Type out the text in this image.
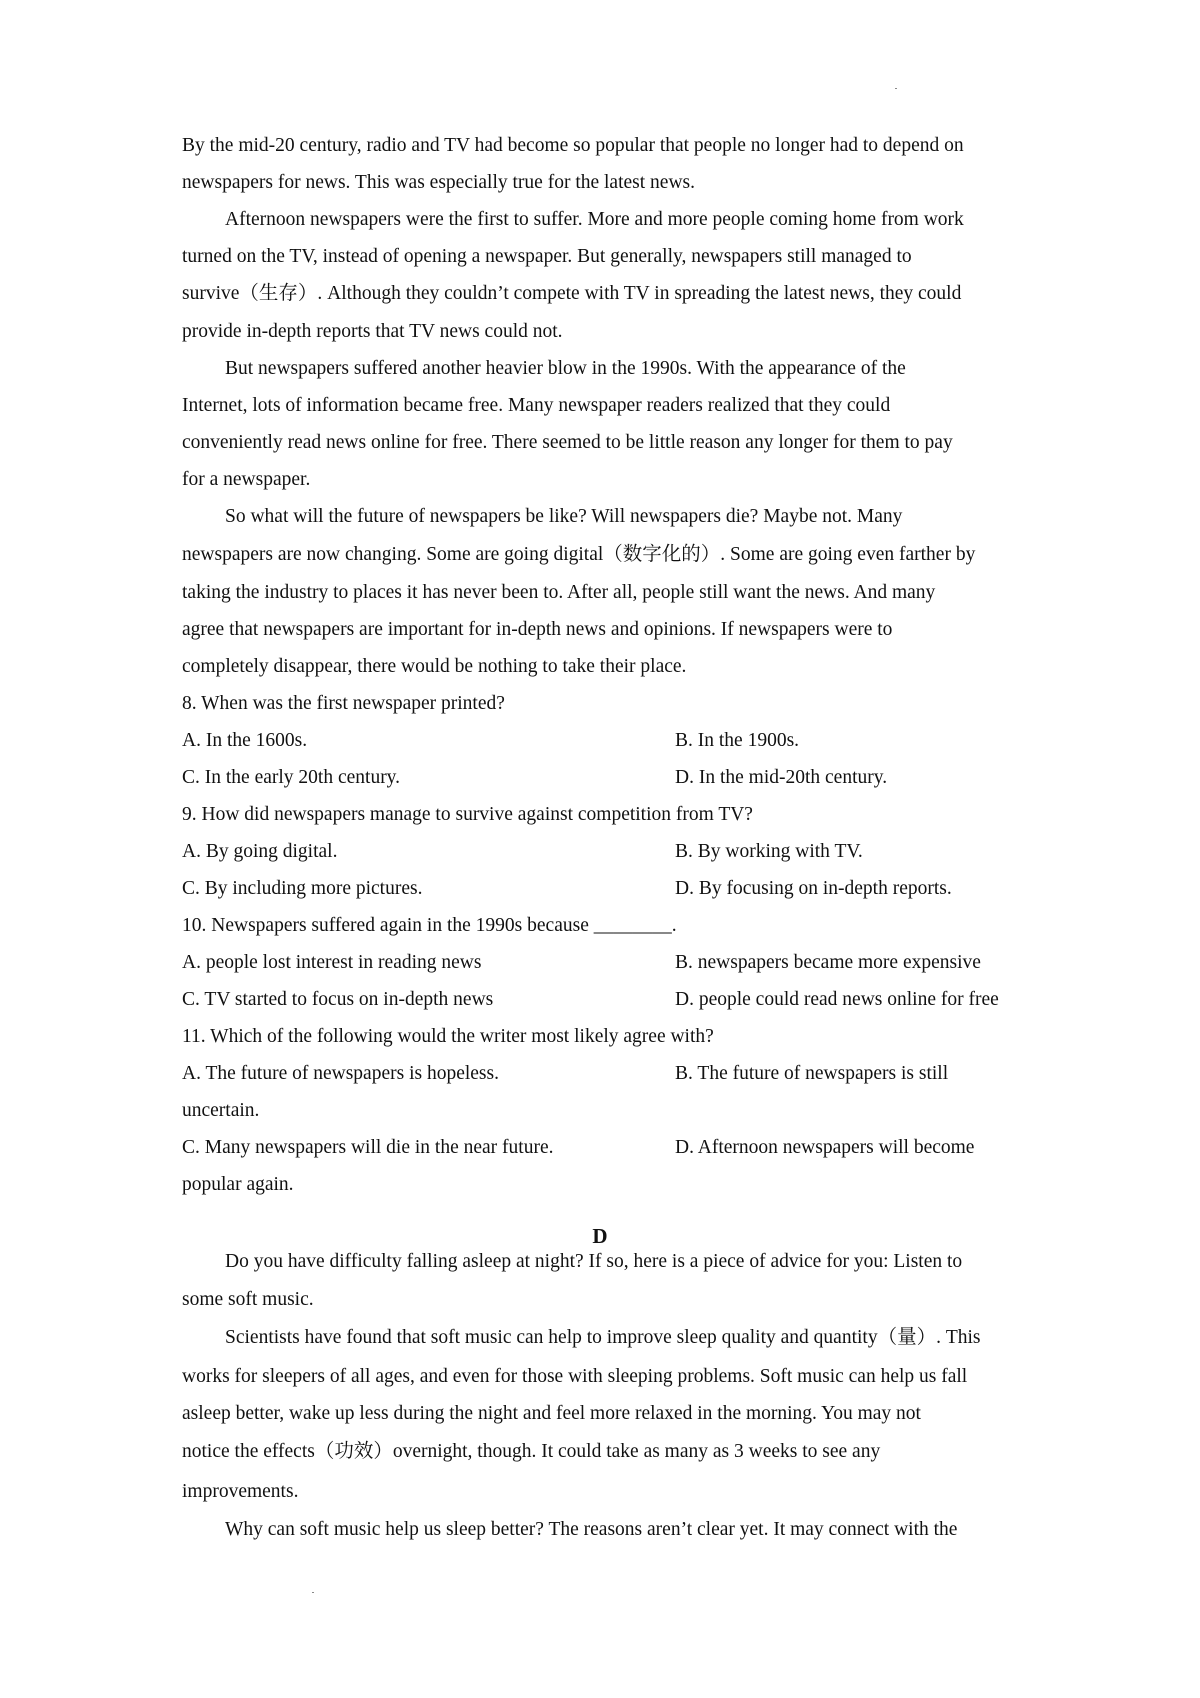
By the mid-20 century, radio and TV had become so popular that people no longer had to depend on
newspapers for news. This was especially true for the latest news.
Afternoon newspapers were the first to suffer. More and more people coming home from work
turned on the TV, instead of opening a newspaper. But generally, newspapers still managed to
survive（生存）. Although they couldn’t compete with TV in spreading the latest news, they could
provide in-depth reports that TV news could not.
But newspapers suffered another heavier blow in the 1990s. With the appearance of the
Internet, lots of information became free. Many newspaper readers realized that they could
conveniently read news online for free. There seemed to be little reason any longer for them to pay
for a newspaper.
So what will the future of newspapers be like? Will newspapers die? Maybe not. Many
newspapers are now changing. Some are going digital（数字化的）. Some are going even farther by
taking the industry to places it has never been to. After all, people still want the news. And many
agree that newspapers are important for in-depth news and opinions. If newspapers were to
completely disappear, there would be nothing to take their place.
8. When was the first newspaper printed?
A. In the 1600s.	B. In the 1900s.
C. In the early 20th century.	D. In the mid-20th century.
9. How did newspapers manage to survive against competition from TV?
A. By going digital.	B. By working with TV.
C. By including more pictures.	D. By focusing on in-depth reports.
10. Newspapers suffered again in the 1990s because ________.
A. people lost interest in reading news	B. newspapers became more expensive
C. TV started to focus on in-depth news	D. people could read news online for free
11. Which of the following would the writer most likely agree with?
A. The future of newspapers is hopeless.	B. The future of newspapers is still
uncertain.
C. Many newspapers will die in the near future.	D. Afternoon newspapers will become
popular again.
D
Do you have difficulty falling asleep at night? If so, here is a piece of advice for you: Listen to
some soft music.
Scientists have found that soft music can help to improve sleep quality and quantity（量）. This
works for sleepers of all ages, and even for those with sleeping problems. Soft music can help us fall
asleep better, wake up less during the night and feel more relaxed in the morning. You may not
notice the effects（功效）overnight, though. It could take as many as 3 weeks to see any
improvements.
Why can soft music help us sleep better? The reasons aren’t clear yet. It may connect with the
